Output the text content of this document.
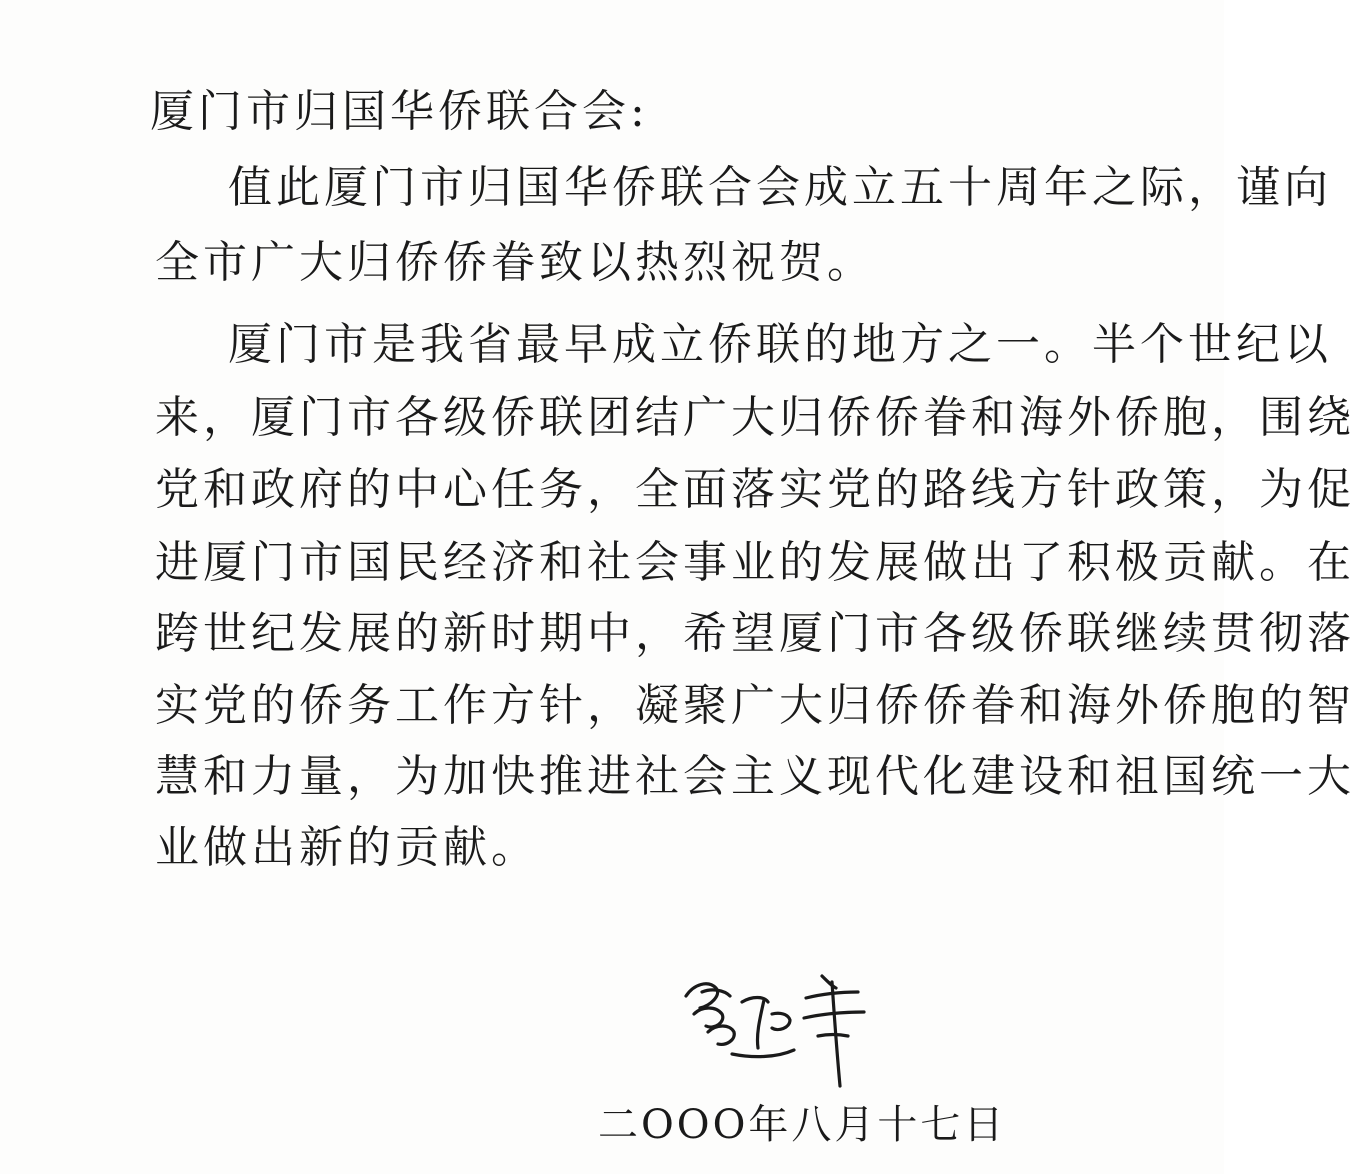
厦门市归国华侨联合会:
值此厦门市归国华侨联合会成立五十周年之际，谨向
全市广大归侨侨眷致以热烈祝贺。
厦门市是我省最早成立侨联的地方之一。半个世纪以
来，厦门市各级侨联团结广大归侨侨眷和海外侨胞，围绕
党和政府的中心任务，全面落实党的路线方针政策，为促
进厦门市国民经济和社会事业的发展做出了积极贡献。在
跨世纪发展的新时期中，希望厦门市各级侨联继续贯彻落
实党的侨务工作方针，凝聚广大归侨侨眷和海外侨胞的智
慧和力量，为加快推进社会主义现代化建设和祖国统一大
业做出新的贡献。
二OOO年八月十七日
